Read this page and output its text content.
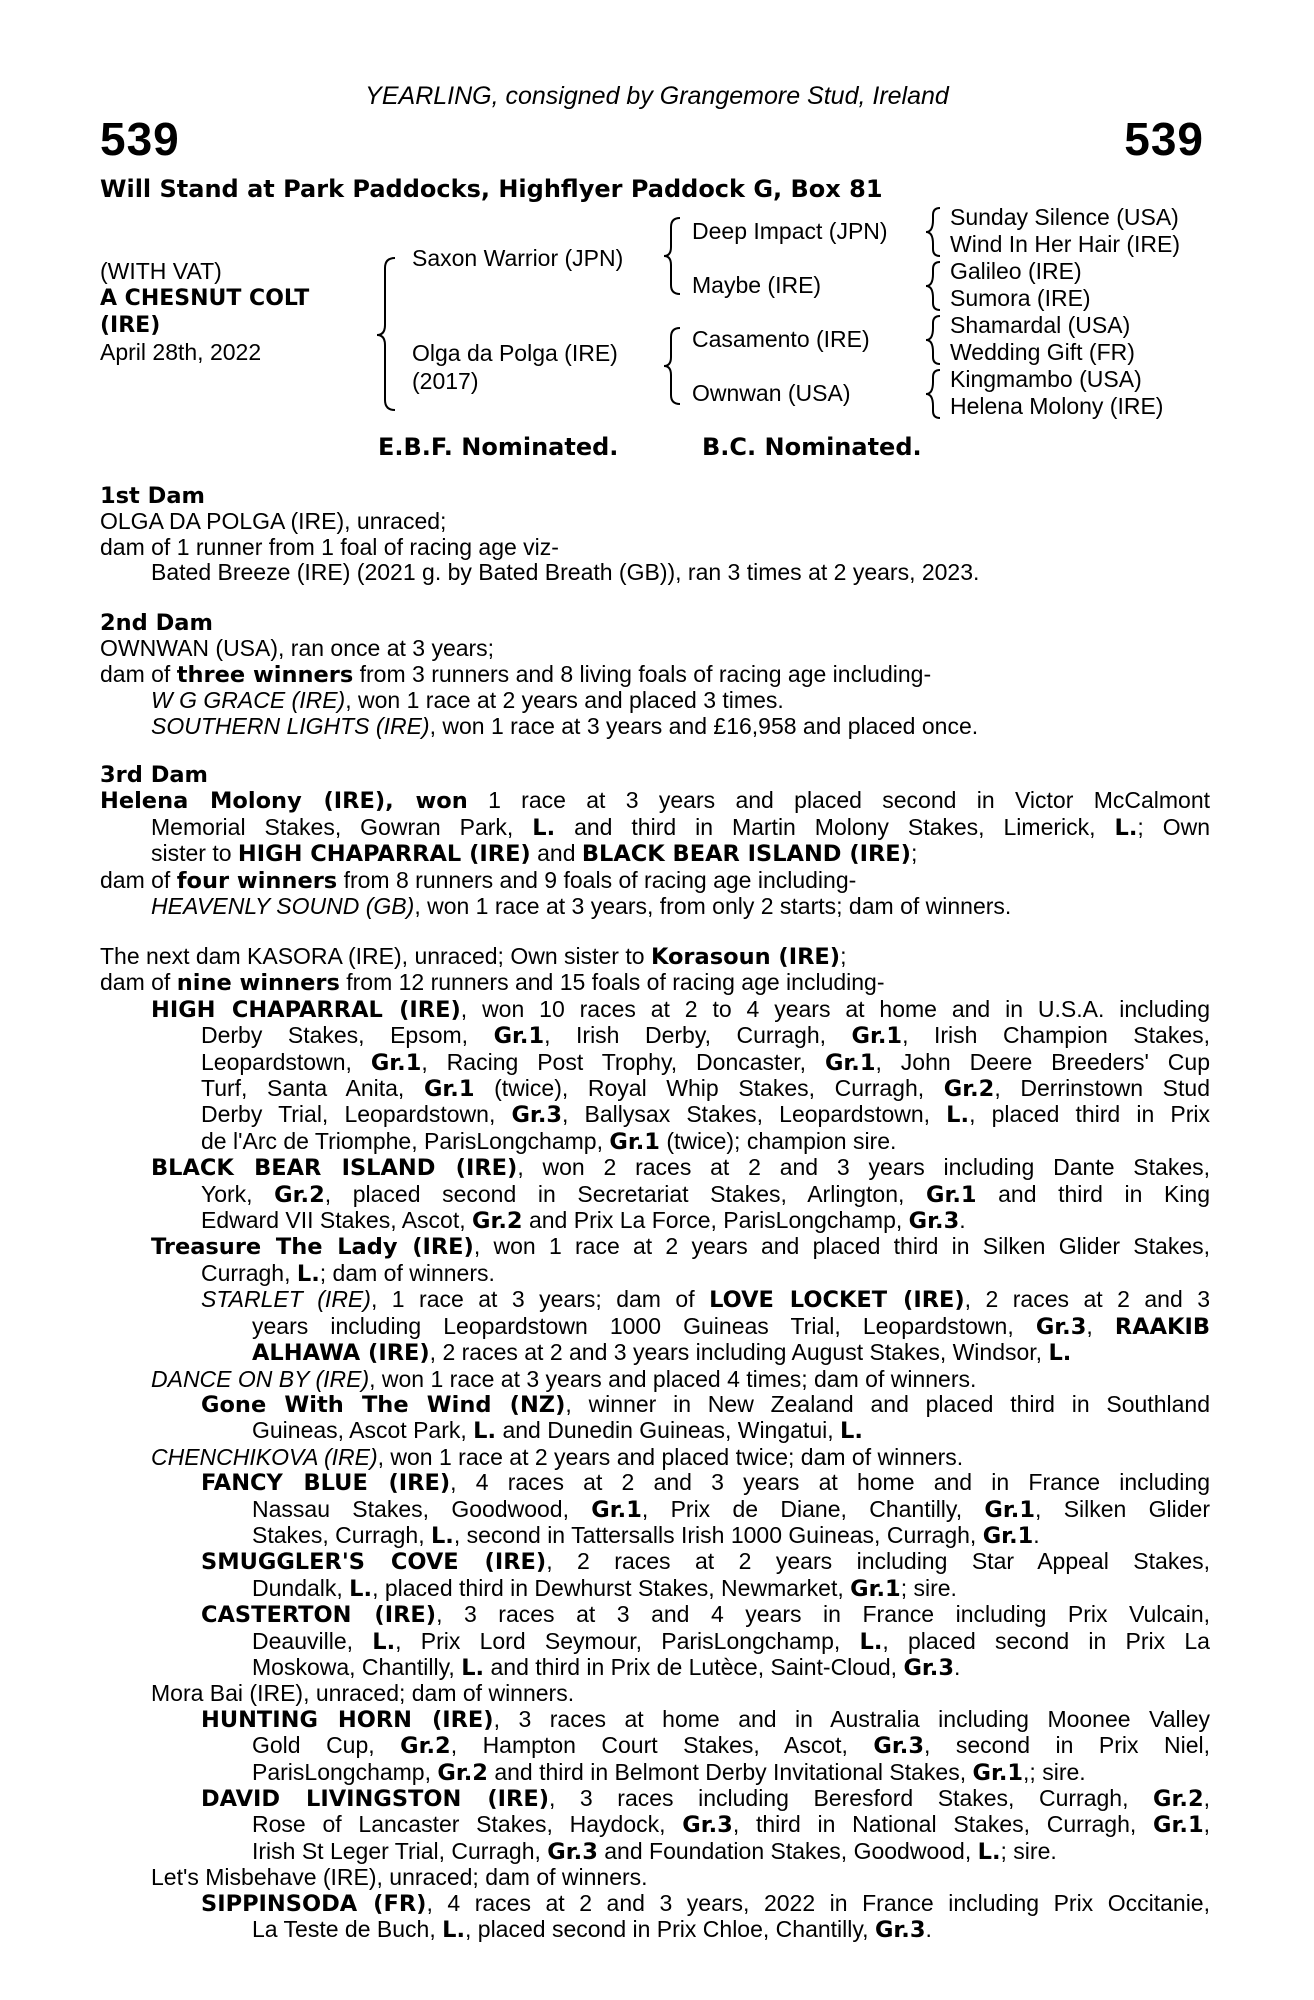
YEARLING, consigned by Grangemore Stud, Ireland
539	539
Will Stand at Park Paddocks, Highflyer Paddock G, Box 81
(WITH VAT)
A CHESNUT COLT
(IRE)
April 28th, 2022
Saxon Warrior (JPN)
Olga da Polga (IRE)
(2017)
Deep Impact (JPN)
Maybe (IRE)
Casamento (IRE)
Ownwan (USA)
Sunday Silence (USA)
Wind In Her Hair (IRE)
Galileo (IRE)
Sumora (IRE)
Shamardal (USA)
Wedding Gift (FR)
Kingmambo (USA)
Helena Molony (IRE)
E.B.F. Nominated.	B.C. Nominated.
1st Dam
OLGA DA POLGA (IRE), unraced;
dam of 1 runner from 1 foal of racing age viz-
Bated Breeze (IRE) (2021 g. by Bated Breath (GB)), ran 3 times at 2 years, 2023.
2nd Dam
OWNWAN (USA), ran once at 3 years;
dam of three winners from 3 runners and 8 living foals of racing age including-
W G GRACE (IRE), won 1 race at 2 years and placed 3 times.
SOUTHERN LIGHTS (IRE), won 1 race at 3 years and £16,958 and placed once.
3rd Dam
Helena Molony (IRE), won 1 race at 3 years and placed second in Victor McCalmont
Memorial Stakes, Gowran Park, L. and third in Martin Molony Stakes, Limerick, L.; Own
sister to HIGH CHAPARRAL (IRE) and BLACK BEAR ISLAND (IRE);
dam of four winners from 8 runners and 9 foals of racing age including-
HEAVENLY SOUND (GB), won 1 race at 3 years, from only 2 starts; dam of winners.
The next dam KASORA (IRE), unraced; Own sister to Korasoun (IRE);
dam of nine winners from 12 runners and 15 foals of racing age including-
HIGH CHAPARRAL (IRE), won 10 races at 2 to 4 years at home and in U.S.A. including
Derby Stakes, Epsom, Gr.1, Irish Derby, Curragh, Gr.1, Irish Champion Stakes,
Leopardstown, Gr.1, Racing Post Trophy, Doncaster, Gr.1, John Deere Breeders' Cup
Turf, Santa Anita, Gr.1 (twice), Royal Whip Stakes, Curragh, Gr.2, Derrinstown Stud
Derby Trial, Leopardstown, Gr.3, Ballysax Stakes, Leopardstown, L., placed third in Prix
de l'Arc de Triomphe, ParisLongchamp, Gr.1 (twice); champion sire.
BLACK BEAR ISLAND (IRE), won 2 races at 2 and 3 years including Dante Stakes,
York, Gr.2, placed second in Secretariat Stakes, Arlington, Gr.1 and third in King
Edward VII Stakes, Ascot, Gr.2 and Prix La Force, ParisLongchamp, Gr.3.
Treasure The Lady (IRE), won 1 race at 2 years and placed third in Silken Glider Stakes,
Curragh, L.; dam of winners.
STARLET (IRE), 1 race at 3 years; dam of LOVE LOCKET (IRE), 2 races at 2 and 3
years including Leopardstown 1000 Guineas Trial, Leopardstown, Gr.3, RAAKIB
ALHAWA (IRE), 2 races at 2 and 3 years including August Stakes, Windsor, L.
DANCE ON BY (IRE), won 1 race at 3 years and placed 4 times; dam of winners.
Gone With The Wind (NZ), winner in New Zealand and placed third in Southland
Guineas, Ascot Park, L. and Dunedin Guineas, Wingatui, L.
CHENCHIKOVA (IRE), won 1 race at 2 years and placed twice; dam of winners.
FANCY BLUE (IRE), 4 races at 2 and 3 years at home and in France including
Nassau Stakes, Goodwood, Gr.1, Prix de Diane, Chantilly, Gr.1, Silken Glider
Stakes, Curragh, L., second in Tattersalls Irish 1000 Guineas, Curragh, Gr.1.
SMUGGLER'S COVE (IRE), 2 races at 2 years including Star Appeal Stakes,
Dundalk, L., placed third in Dewhurst Stakes, Newmarket, Gr.1; sire.
CASTERTON (IRE), 3 races at 3 and 4 years in France including Prix Vulcain,
Deauville, L., Prix Lord Seymour, ParisLongchamp, L., placed second in Prix La
Moskowa, Chantilly, L. and third in Prix de Lutèce, Saint-Cloud, Gr.3.
Mora Bai (IRE), unraced; dam of winners.
HUNTING HORN (IRE), 3 races at home and in Australia including Moonee Valley
Gold Cup, Gr.2, Hampton Court Stakes, Ascot, Gr.3, second in Prix Niel,
ParisLongchamp, Gr.2 and third in Belmont Derby Invitational Stakes, Gr.1,; sire.
DAVID LIVINGSTON (IRE), 3 races including Beresford Stakes, Curragh, Gr.2,
Rose of Lancaster Stakes, Haydock, Gr.3, third in National Stakes, Curragh, Gr.1,
Irish St Leger Trial, Curragh, Gr.3 and Foundation Stakes, Goodwood, L.; sire.
Let's Misbehave (IRE), unraced; dam of winners.
SIPPINSODA (FR), 4 races at 2 and 3 years, 2022 in France including Prix Occitanie,
La Teste de Buch, L., placed second in Prix Chloe, Chantilly, Gr.3.
